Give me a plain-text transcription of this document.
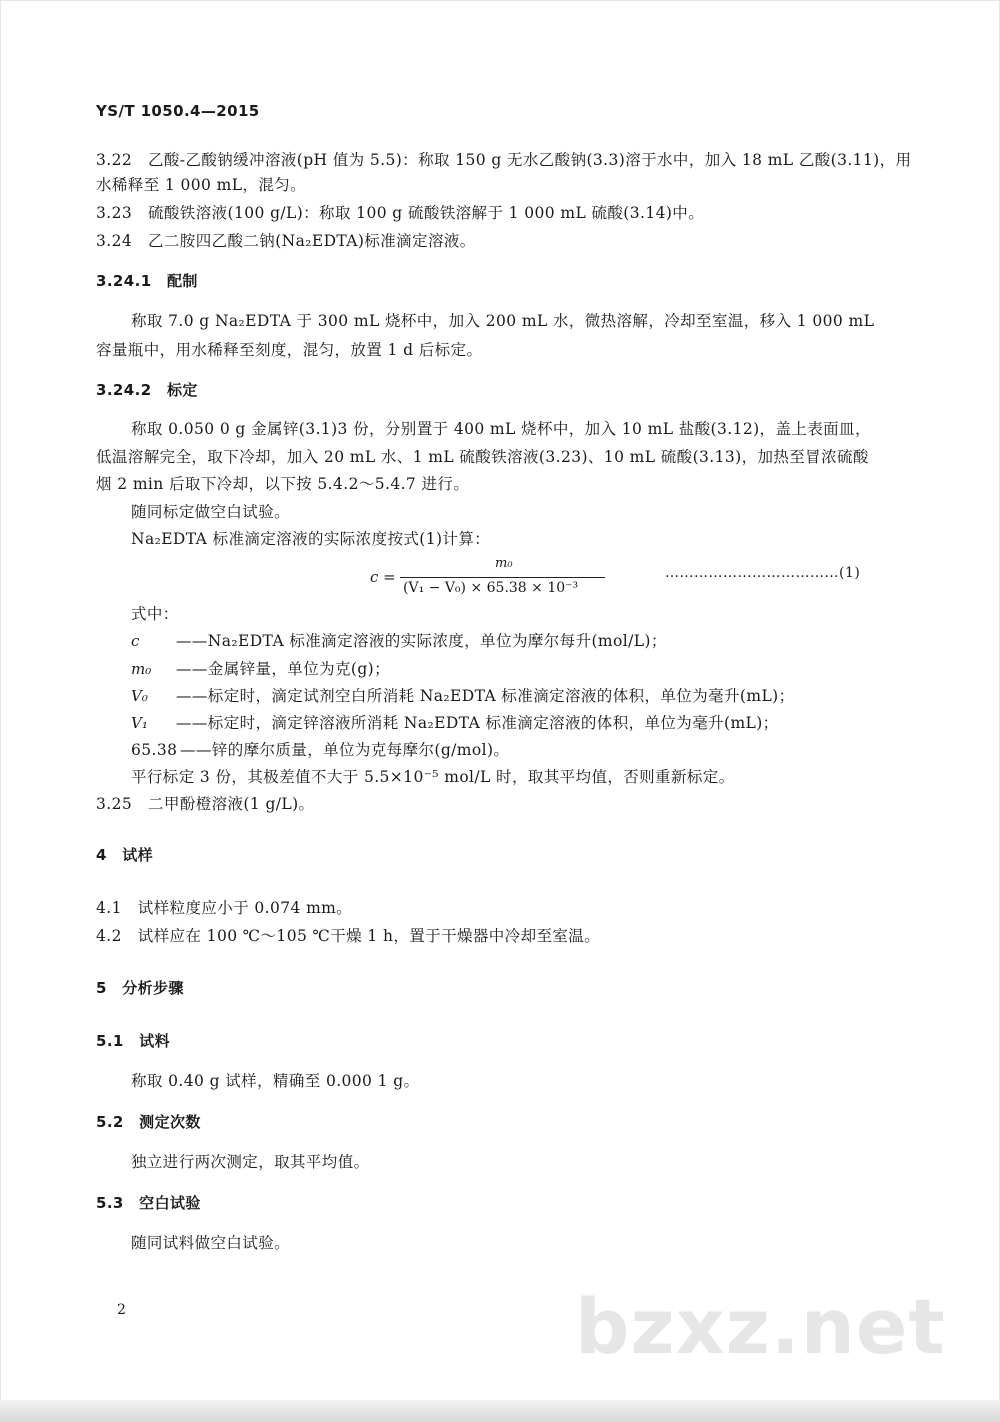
YS/T 1050.4—2015
3.22　乙酸-乙酸钠缓冲溶液(pH 值为 5.5)：称取 150 g 无水乙酸钠(3.3)溶于水中，加入 18 mL 乙酸(3.11)，用
水稀释至 1 000 mL，混匀。
3.23　硫酸铁溶液(100 g/L)：称取 100 g 硫酸铁溶解于 1 000 mL 硫酸(3.14)中。
3.24　乙二胺四乙酸二钠(Na₂EDTA)标准滴定溶液。
3.24.1　配制
称取 7.0 g Na₂EDTA 于 300 mL 烧杯中，加入 200 mL 水，微热溶解，冷却至室温，移入 1 000 mL
容量瓶中，用水稀释至刻度，混匀，放置 1 d 后标定。
3.24.2　标定
称取 0.050 0 g 金属锌(3.1)3 份，分别置于 400 mL 烧杯中，加入 10 mL 盐酸(3.12)，盖上表面皿，
低温溶解完全，取下冷却，加入 20 mL 水、1 mL 硫酸铁溶液(3.23)、10 mL 硫酸(3.13)，加热至冒浓硫酸
烟 2 min 后取下冷却，以下按 5.4.2～5.4.7 进行。
随同标定做空白试验。
Na₂EDTA 标准滴定溶液的实际浓度按式(1)计算：
c =
m₀
(V₁ − V₀) × 65.38 × 10⁻³
………………………………(1)
式中：
c ——Na₂EDTA 标准滴定溶液的实际浓度，单位为摩尔每升(mol/L)；
m₀ ——金属锌量，单位为克(g)；
V₀ ——标定时，滴定试剂空白所消耗 Na₂EDTA 标准滴定溶液的体积，单位为毫升(mL)；
V₁ ——标定时，滴定锌溶液所消耗 Na₂EDTA 标准滴定溶液的体积，单位为毫升(mL)；
65.38 ——锌的摩尔质量，单位为克每摩尔(g/mol)。
平行标定 3 份，其极差值不大于 5.5×10⁻⁵ mol/L 时，取其平均值，否则重新标定。
3.25　二甲酚橙溶液(1 g/L)。
4　试样
4.1　试样粒度应小于 0.074 mm。
4.2　试样应在 100 ℃～105 ℃干燥 1 h，置于干燥器中冷却至室温。
5　分析步骤
5.1　试料
称取 0.40 g 试样，精确至 0.000 1 g。
5.2　测定次数
独立进行两次测定，取其平均值。
5.3　空白试验
随同试料做空白试验。
2	bzxz.net
